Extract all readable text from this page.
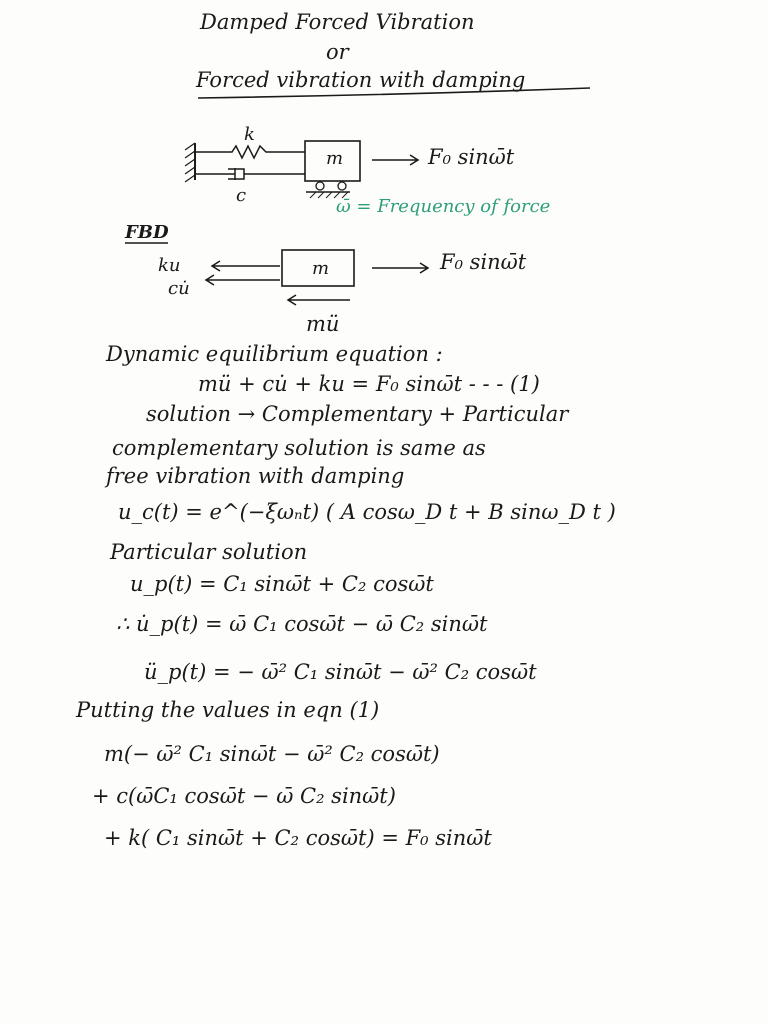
Damped Forced Vibration
or
Forced vibration with damping
k
c
m	F₀ sinω̄t
ω̄ = Frequency of force
FBD
ku
cu̇
m	F₀ sinω̄t
mü
Dynamic equilibrium equation :
mü + cu̇ + ku = F₀ sinω̄t - - - (1)
solution → Complementary + Particular
complementary solution is same as
free vibration with damping
u_c(t) = e^(−ξωₙt) ( A cosω_D t + B sinω_D t )
Particular solution
u_p(t) = C₁ sinω̄t + C₂ cosω̄t
∴ u̇_p(t) = ω̄ C₁ cosω̄t − ω̄ C₂ sinω̄t
ü_p(t) = − ω̄² C₁ sinω̄t − ω̄² C₂ cosω̄t
Putting the values in eqn (1)
m(− ω̄² C₁ sinω̄t − ω̄² C₂ cosω̄t)
+ c(ω̄C₁ cosω̄t − ω̄ C₂ sinω̄t)
+ k( C₁ sinω̄t + C₂ cosω̄t) = F₀ sinω̄t
